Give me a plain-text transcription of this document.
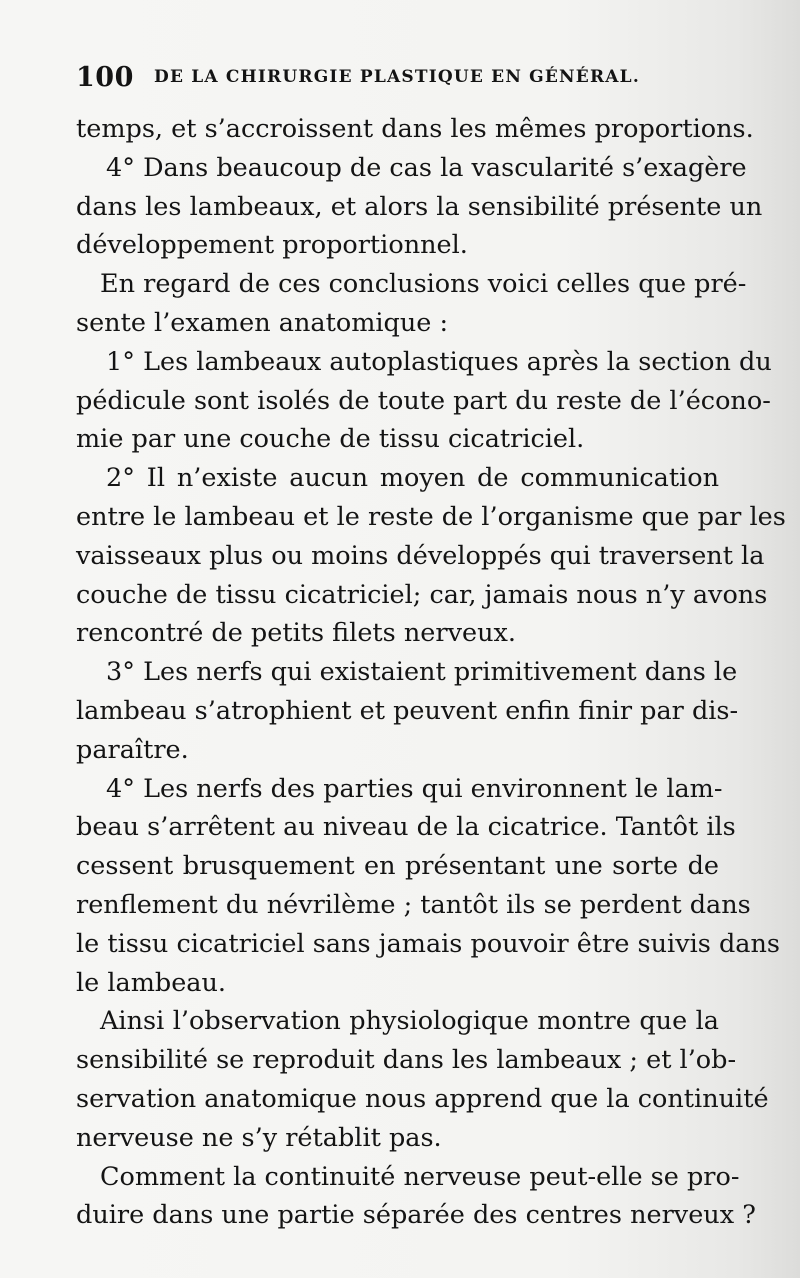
100 DE LA CHIRURGIE PLASTIQUE EN GÉNÉRAL.
temps, et s’accroissent dans les mêmes proportions.
4° Dans beaucoup de cas la vascularité s’exagère
dans les lambeaux, et alors la sensibilité présente un
développement proportionnel.
En regard de ces conclusions voici celles que pré-
sente l’examen anatomique :
1° Les lambeaux autoplastiques après la section du
pédicule sont isolés de toute part du reste de l’écono-
mie par une couche de tissu cicatriciel.
2° Il n’existe aucun moyen de communication
entre le lambeau et le reste de l’organisme que par les
vaisseaux plus ou moins développés qui traversent la
couche de tissu cicatriciel; car, jamais nous n’y avons
rencontré de petits filets nerveux.
3° Les nerfs qui existaient primitivement dans le
lambeau s’atrophient et peuvent enfin finir par dis-
paraître.
4° Les nerfs des parties qui environnent le lam-
beau s’arrêtent au niveau de la cicatrice. Tantôt ils
cessent brusquement en présentant une sorte de
renflement du névrilème ; tantôt ils se perdent dans
le tissu cicatriciel sans jamais pouvoir être suivis dans
le lambeau.
Ainsi l’observation physiologique montre que la
sensibilité se reproduit dans les lambeaux ; et l’ob-
servation anatomique nous apprend que la continuité
nerveuse ne s’y rétablit pas.
Comment la continuité nerveuse peut-elle se pro-
duire dans une partie séparée des centres nerveux ?
